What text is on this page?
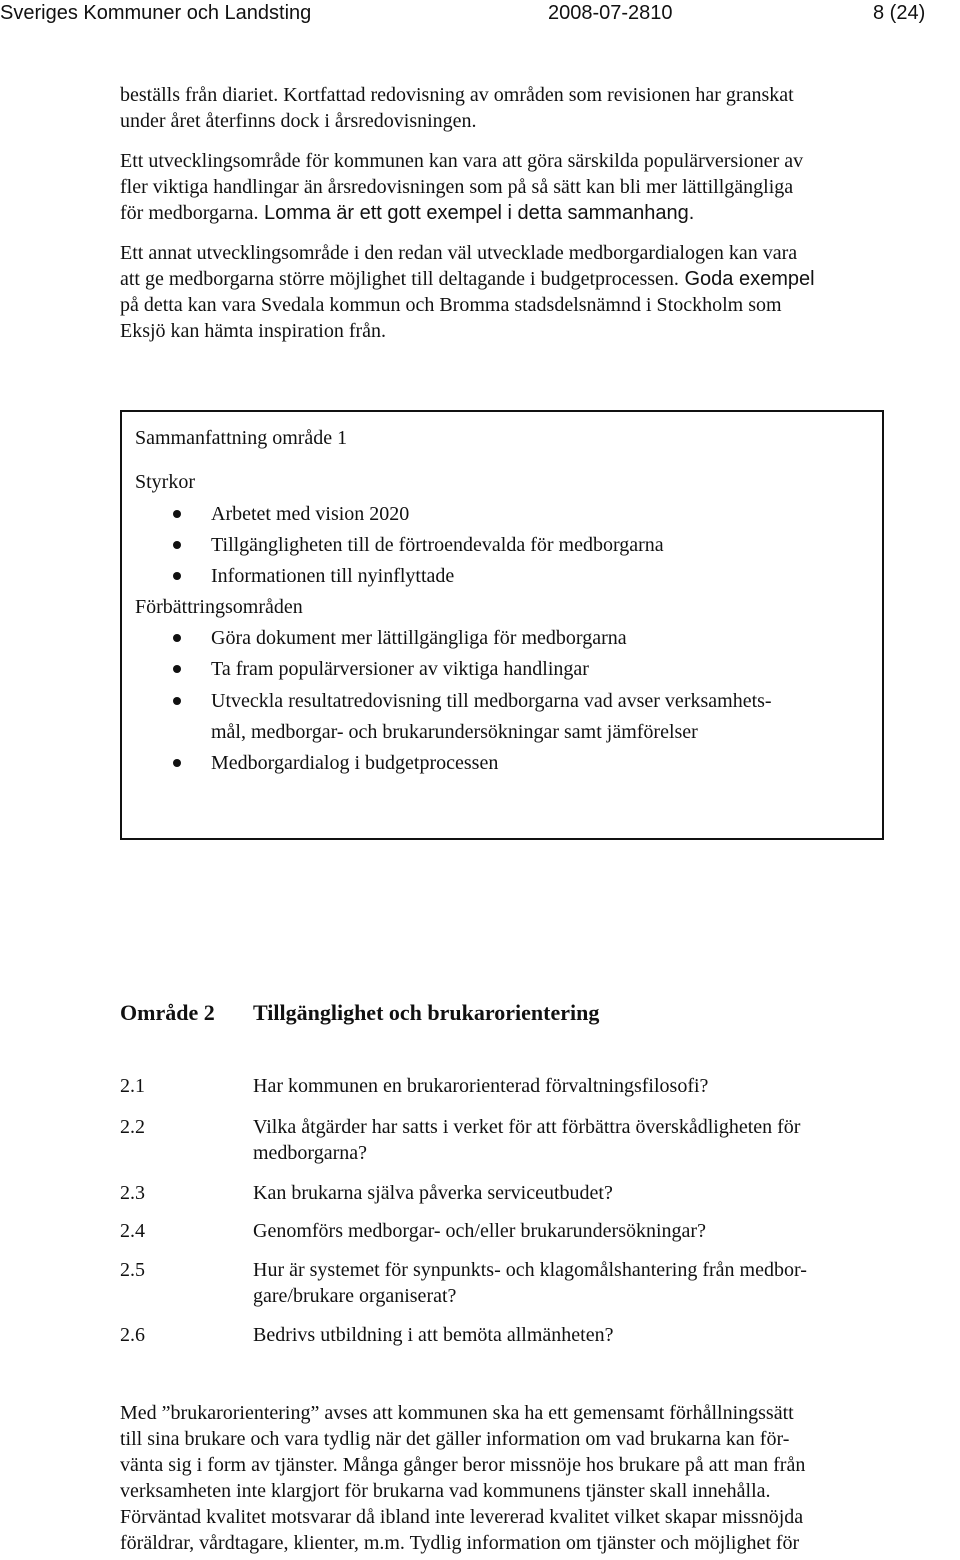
Sveriges Kommuner och Landsting	2008-07-2810	8 (24)
beställs från diariet. Kortfattad redovisning av områden som revisionen har granskat
under året återfinns dock i årsredovisningen.
Ett utvecklingsområde för kommunen kan vara att göra särskilda populärversioner av
fler viktiga handlingar än årsredovisningen som på så sätt kan bli mer lättillgängliga
för medborgarna. Lomma är ett gott exempel i detta sammanhang.
Ett annat utvecklingsområde i den redan väl utvecklade medborgardialogen kan vara
att ge medborgarna större möjlighet till deltagande i budgetprocessen. Goda exempel
på detta kan vara Svedala kommun och Bromma stadsdelsnämnd i Stockholm som
Eksjö kan hämta inspiration från.
Sammanfattning område 1
Styrkor
Arbetet med vision 2020
Tillgängligheten till de förtroendevalda för medborgarna
Informationen till nyinflyttade
Förbättringsområden
Göra dokument mer lättillgängliga för medborgarna
Ta fram populärversioner av viktiga handlingar
Utveckla resultatredovisning till medborgarna vad avser verksamhets-
mål, medborgar- och brukarundersökningar samt jämförelser
Medborgardialog i budgetprocessen
Område 2 Tillgänglighet och brukarorientering
2.1	Har kommunen en brukarorienterad förvaltningsfilosofi?
2.2	Vilka åtgärder har satts i verket för att förbättra överskådligheten för
medborgarna?
2.3	Kan brukarna själva påverka serviceutbudet?
2.4	Genomförs medborgar- och/eller brukarundersökningar?
2.5	Hur är systemet för synpunkts- och klagomålshantering från medbor-
gare/brukare organiserat?
2.6	Bedrivs utbildning i att bemöta allmänheten?
Med ”brukarorientering” avses att kommunen ska ha ett gemensamt förhållningssätt
till sina brukare och vara tydlig när det gäller information om vad brukarna kan för-
vänta sig i form av tjänster. Många gånger beror missnöje hos brukare på att man från
verksamheten inte klargjort för brukarna vad kommunens tjänster skall innehålla.
Förväntad kvalitet motsvarar då ibland inte levererad kvalitet vilket skapar missnöjda
föräldrar, vårdtagare, klienter, m.m. Tydlig information om tjänster och möjlighet för
